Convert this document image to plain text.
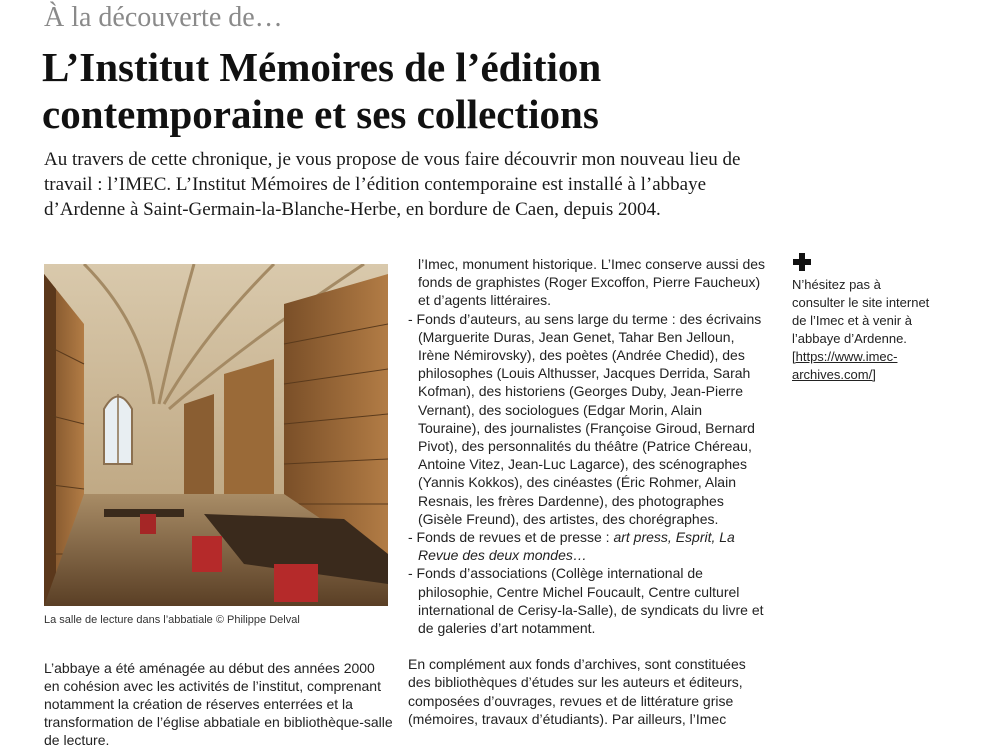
À la découverte de…
L’Institut Mémoires de l’édition contemporaine et ses collections

Au travers de cette chronique, je vous propose de vous faire découvrir mon nouveau lieu de travail : l’IMEC. L’Institut Mémoires de l’édition contemporaine est installé à l’abbaye d’Ardenne à Saint-Germain-la-Blanche-Herbe, en bordure de Caen, depuis 2004.

La salle de lecture dans l’abbatiale © Philippe Delval

L’abbaye a été aménagée au début des années 2000 en cohésion avec les activités de l’institut, comprenant notamment la création de réserves enterrées et la transformation de l’église abbatiale en bibliothèque-salle de lecture.

l’Imec, monument historique. L’Imec conserve aussi des fonds de graphistes (Roger Excoffon, Pierre Faucheux) et d’agents littéraires.

- Fonds d’auteurs, au sens large du terme : des écrivains (Marguerite Duras, Jean Genet, Tahar Ben Jelloun, Irène Némirovsky), des poètes (Andrée Chedid), des philosophes (Louis Althusser, Jacques Derrida, Sarah Kofman), des historiens (Georges Duby, Jean-Pierre Vernant), des sociologues (Edgar Morin, Alain Touraine), des journalistes (Françoise Giroud, Bernard Pivot), des personnalités du théâtre (Patrice Chéreau, Antoine Vitez, Jean-Luc Lagarce), des scénographes (Yannis Kokkos), des cinéastes (Éric Rohmer, Alain Resnais, les frères Dardenne), des photographes (Gisèle Freund), des artistes, des chorégraphes.

- Fonds de revues et de presse : art press, Esprit, La Revue des deux mondes…

- Fonds d’associations (Collège international de philosophie, Centre Michel Foucault, Centre culturel international de Cerisy-la-Salle), de syndicats du livre et de galeries d’art notamment.

En complément aux fonds d’archives, sont constituées des bibliothèques d’études sur les auteurs et éditeurs, composées d’ouvrages, revues et de littérature grise (mémoires, travaux d’étudiants). Par ailleurs, l’Imec

N’hésitez pas à consulter le site internet de l’Imec et à venir à l’abbaye d’Ardenne.

[https://www.imec-archives.com/]
